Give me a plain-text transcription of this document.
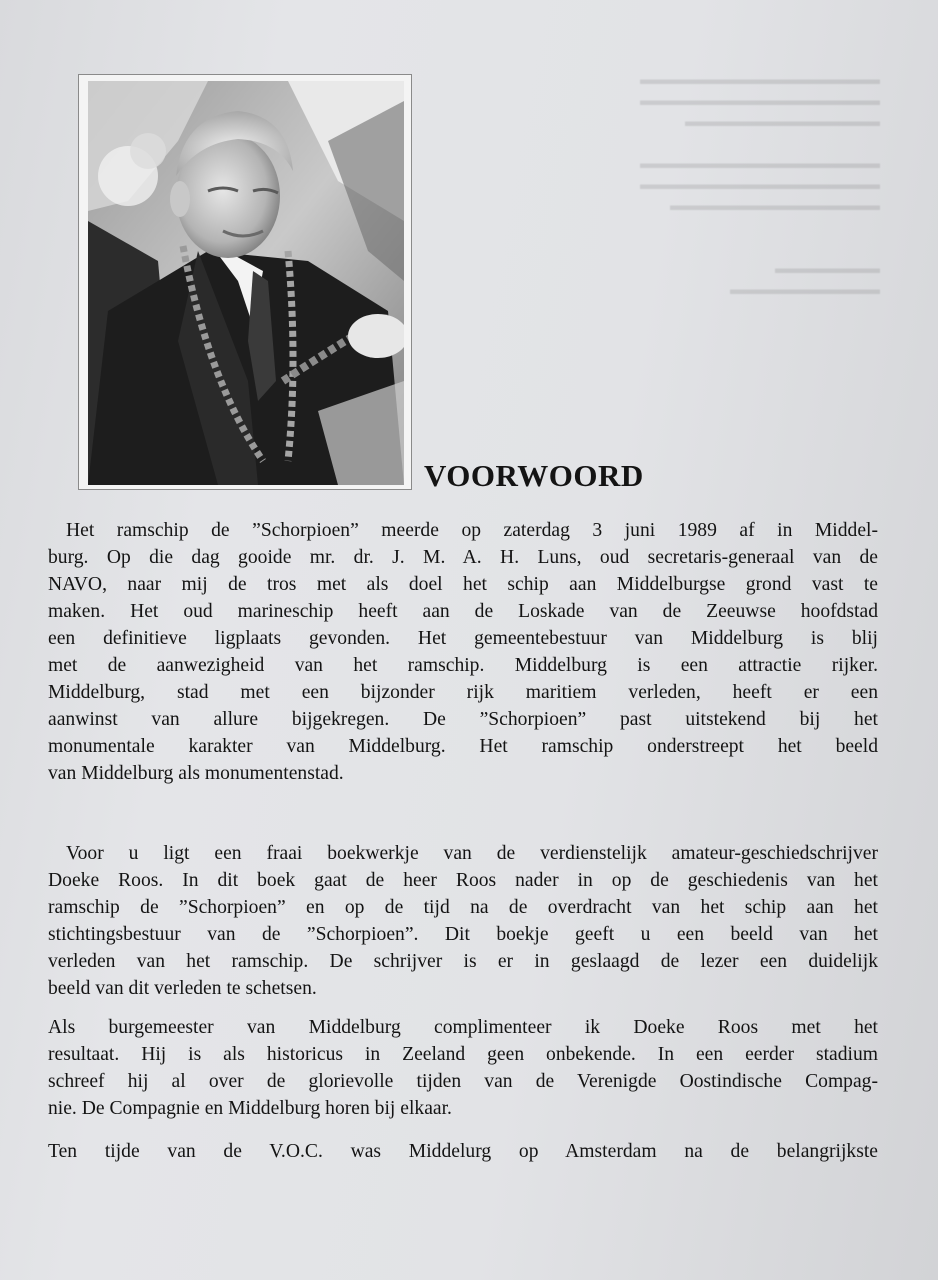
▬▬▬▬▬▬▬▬▬▬▬▬▬▬▬▬
▬▬▬▬▬▬▬▬▬▬▬▬▬▬▬▬
▬▬▬▬▬▬▬▬▬▬▬▬▬

▬▬▬▬▬▬▬▬▬▬▬▬▬▬▬▬
▬▬▬▬▬▬▬▬▬▬▬▬▬▬▬▬
▬▬▬▬▬▬▬▬▬▬▬▬▬▬

▬▬▬▬▬▬▬
▬▬▬▬▬▬▬▬▬▬
VOORWOORD

Het ramschip de ”Schorpioen” meerde op zaterdag 3 juni 1989 af in Middel-
burg. Op die dag gooide mr. dr. J. M. A. H. Luns, oud secretaris-generaal van de
NAVO, naar mij de tros met als doel het schip aan Middelburgse grond vast te
maken. Het oud marineschip heeft aan de Loskade van de Zeeuwse hoofdstad
een definitieve ligplaats gevonden. Het gemeentebestuur van Middelburg is blij
met de aanwezigheid van het ramschip. Middelburg is een attractie rijker.
Middelburg, stad met een bijzonder rijk maritiem verleden, heeft er een
aanwinst van allure bijgekregen. De ”Schorpioen” past uitstekend bij het
monumentale karakter van Middelburg. Het ramschip onderstreept het beeld
van Middelburg als monumentenstad.

Voor u ligt een fraai boekwerkje van de verdienstelijk amateur-geschiedschrijver
Doeke Roos. In dit boek gaat de heer Roos nader in op de geschiedenis van het
ramschip de ”Schorpioen” en op de tijd na de overdracht van het schip aan het
stichtingsbestuur van de ”Schorpioen”. Dit boekje geeft u een beeld van het
verleden van het ramschip. De schrijver is er in geslaagd de lezer een duidelijk
beeld van dit verleden te schetsen.

Als burgemeester van Middelburg complimenteer ik Doeke Roos met het
resultaat. Hij is als historicus in Zeeland geen onbekende. In een eerder stadium
schreef hij al over de glorievolle tijden van de Verenigde Oostindische Compag-
nie. De Compagnie en Middelburg horen bij elkaar.

Ten tijde van de V.O.C. was Middelurg op Amsterdam na de belangrijkste
